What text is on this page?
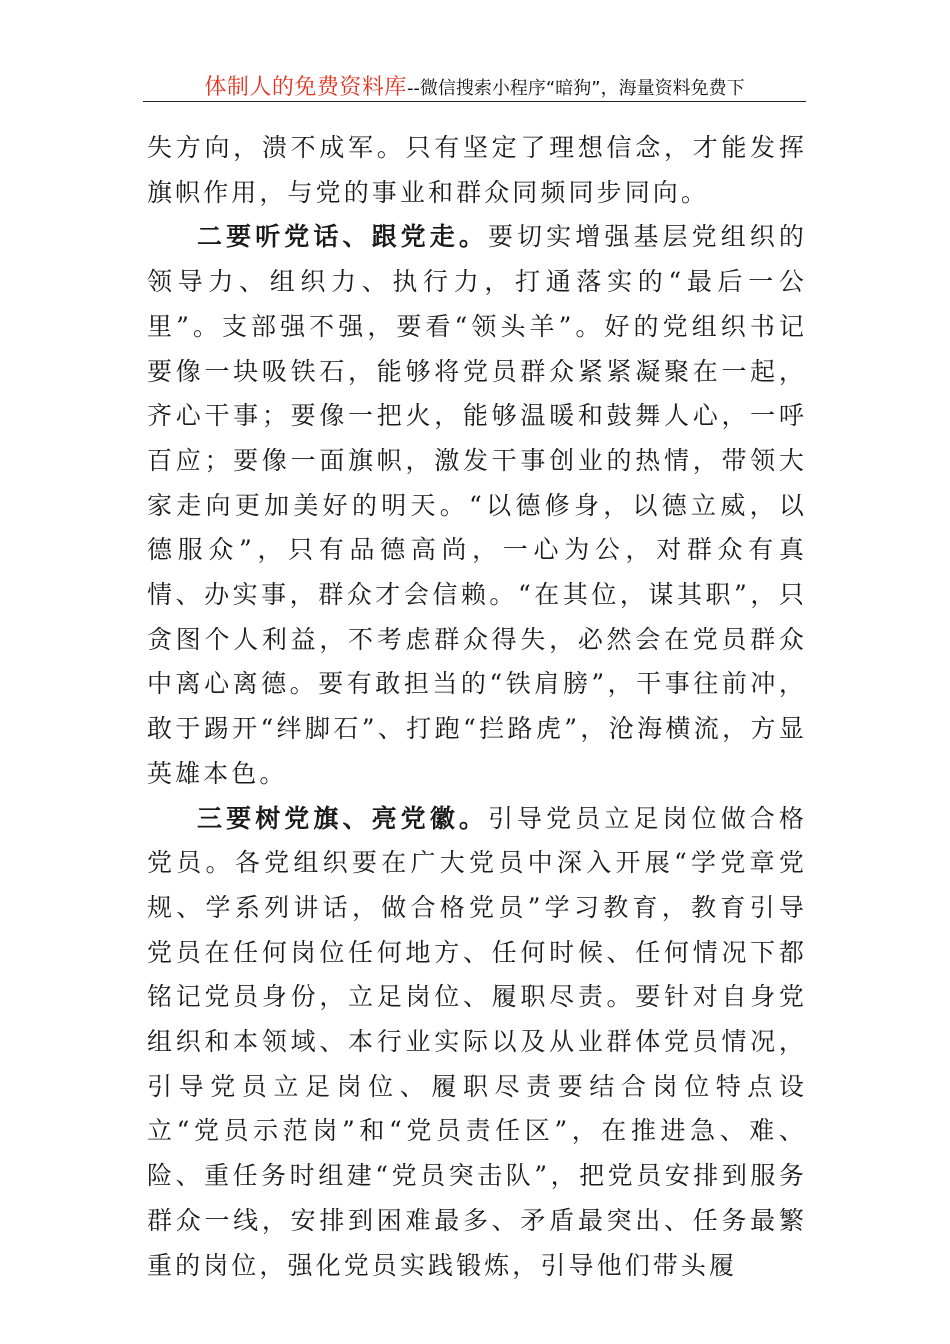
体制人的免费资料库--微信搜索小程序“暗狗”，海量资料免费下

失方向，溃不成军。只有坚定了理想信念，才能发挥旗帜作用，与党的事业和群众同频同步同向。

二要听党话、跟党走。要切实增强基层党组织的领导力、组织力、执行力，打通落实的“最后一公里”。支部强不强，要看“领头羊”。好的党组织书记要像一块吸铁石，能够将党员群众紧紧凝聚在一起，齐心干事；要像一把火，能够温暖和鼓舞人心，一呼百应；要像一面旗帜，激发干事创业的热情，带领大家走向更加美好的明天。“以德修身，以德立威，以德服众”，只有品德高尚，一心为公，对群众有真情、办实事，群众才会信赖。“在其位，谋其职”，只贪图个人利益，不考虑群众得失，必然会在党员群众中离心离德。要有敢担当的“铁肩膀”，干事往前冲，敢于踢开“绊脚石”、打跑“拦路虎”，沧海横流，方显英雄本色。

三要树党旗、亮党徽。引导党员立足岗位做合格党员。各党组织要在广大党员中深入开展“学党章党规、学系列讲话，做合格党员”学习教育，教育引导党员在任何岗位任何地方、任何时候、任何情况下都铭记党员身份，立足岗位、履职尽责。要针对自身党组织和本领域、本行业实际以及从业群体党员情况，引导党员立足岗位、履职尽责要结合岗位特点设立“党员示范岗”和“党员责任区”，在推进急、难、险、重任务时组建“党员突击队”，把党员安排到服务群众一线，安排到困难最多、矛盾最突出、任务最繁重的岗位，强化党员实践锻炼，引导他们带头履
